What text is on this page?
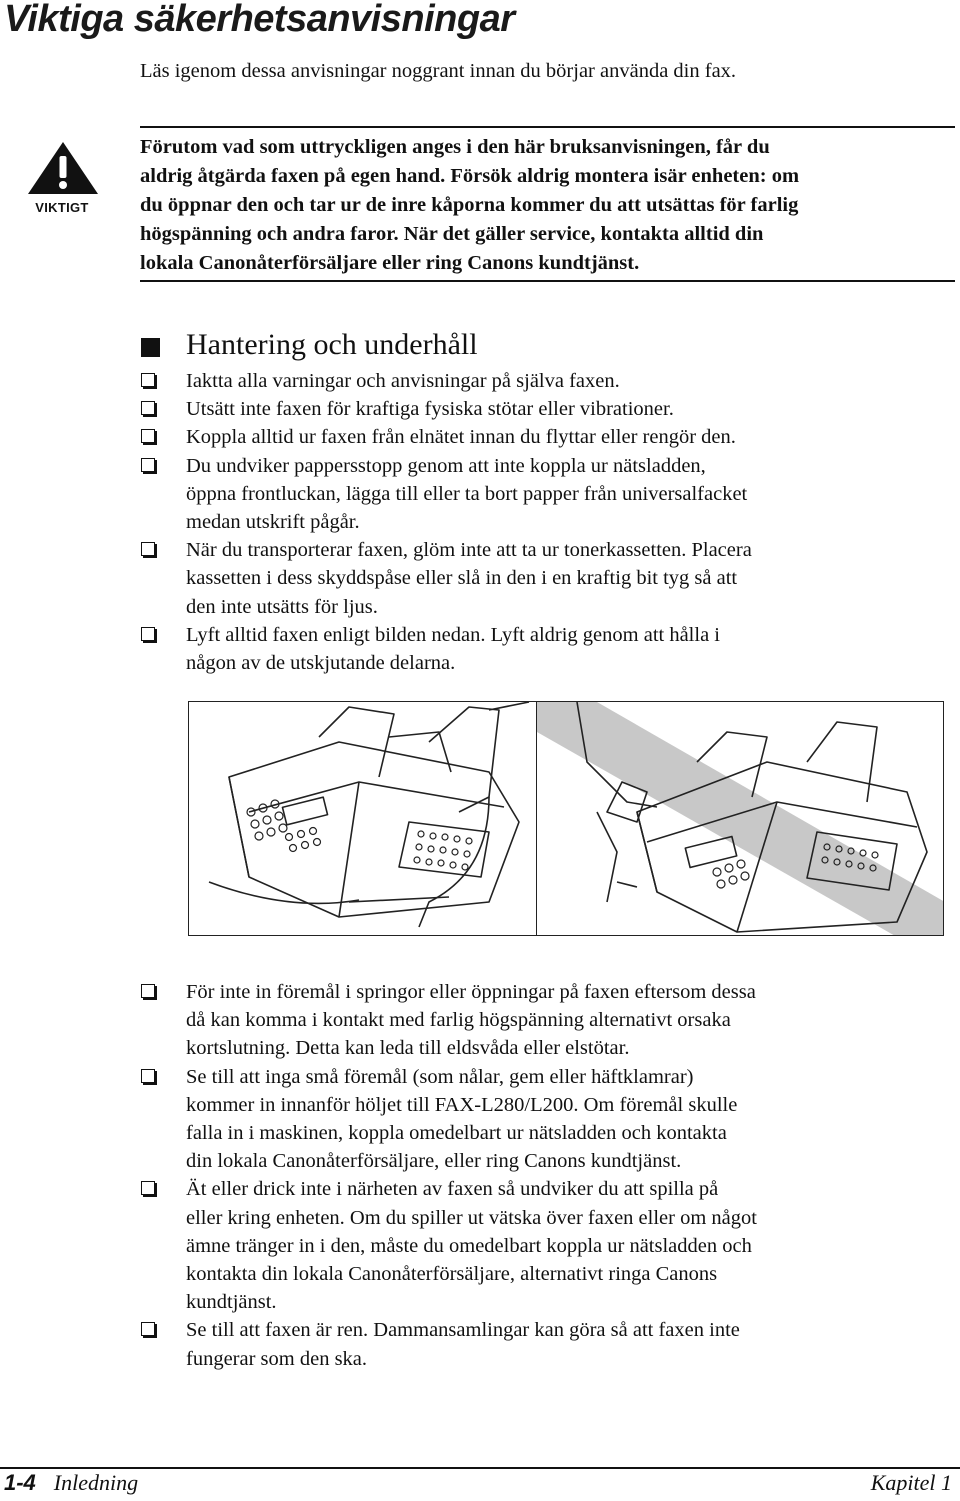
Viktiga säkerhetsanvisningar
Läs igenom dessa anvisningar noggrant innan du börjar använda din fax.
VIKTIGT

Förutom vad som uttryckligen anges i den här bruksanvisningen, får du
aldrig åtgärda faxen på egen hand. Försök aldrig montera isär enheten: om
du öppnar den och tar ur de inre kåporna kommer du att utsättas för farlig
högspänning och andra faror. När det gäller service, kontakta alltid din
lokala Canonåterförsäljare eller ring Canons kundtjänst.

Hantering och underhåll
Iaktta alla varningar och anvisningar på själva faxen.
Utsätt inte faxen för kraftiga fysiska stötar eller vibrationer.
Koppla alltid ur faxen från elnätet innan du flyttar eller rengör den.
Du undviker pappersstopp genom att inte koppla ur nätsladden,
öppna frontluckan, lägga till eller ta bort papper från universalfacket
medan utskrift pågår.
När du transporterar faxen, glöm inte att ta ur tonerkassetten. Placera
kassetten i dess skyddspåse eller slå in den i en kraftig bit tyg så att
den inte utsätts för ljus.
Lyft alltid faxen enligt bilden nedan. Lyft aldrig genom att hålla i
någon av de utskjutande delarna.
För inte in föremål i springor eller öppningar på faxen eftersom dessa
då kan komma i kontakt med farlig högspänning alternativt orsaka
kortslutning. Detta kan leda till eldsvåda eller elstötar.
Se till att inga små föremål (som nålar, gem eller häftklamrar)
kommer in innanför höljet till FAX-L280/L200. Om föremål skulle
falla in i maskinen, koppla omedelbart ur nätsladden och kontakta
din lokala Canonåterförsäljare, eller ring Canons kundtjänst.
Ät eller drick inte i närheten av faxen så undviker du att spilla på
eller kring enheten. Om du spiller ut vätska över faxen eller om något
ämne tränger in i den, måste du omedelbart koppla ur nätsladden och
kontakta din lokala Canonåterförsäljare, alternativt ringa Canons
kundtjänst.
Se till att faxen är ren. Dammansamlingar kan göra så att faxen inte
fungerar som den ska.
1-4 Inledning	Kapitel 1
